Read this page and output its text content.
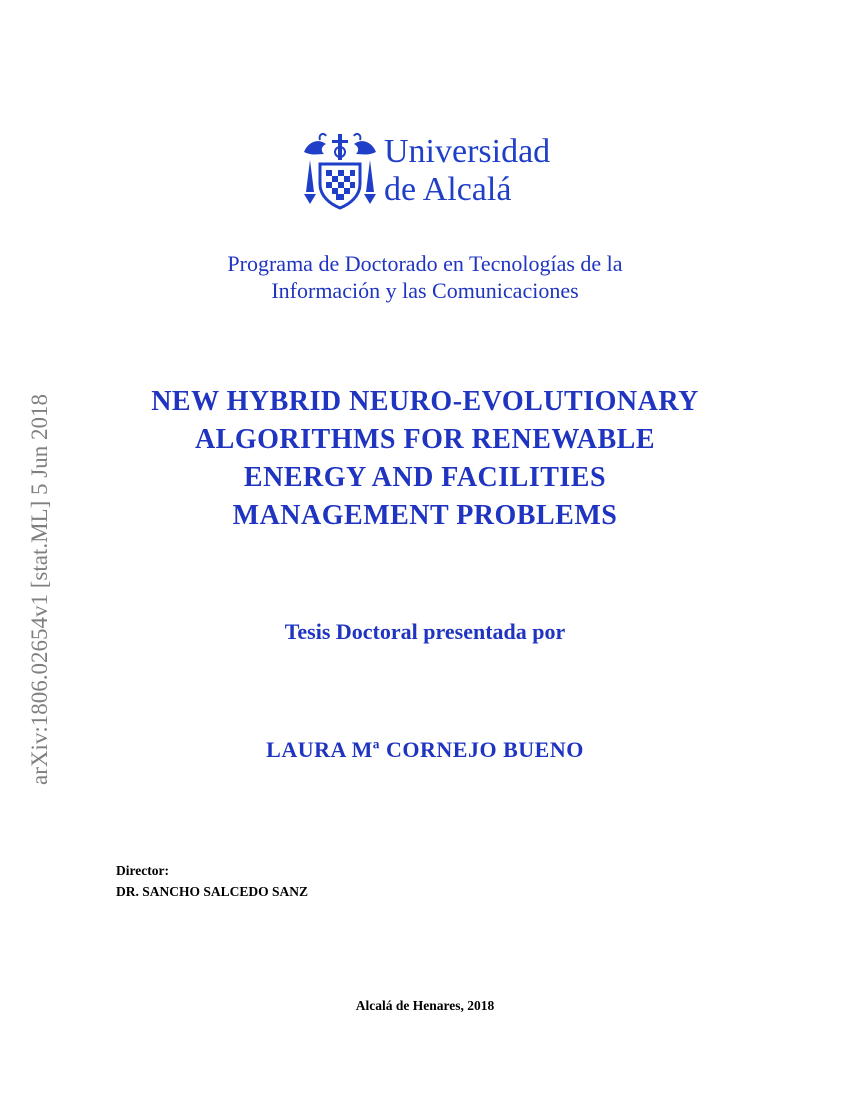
arXiv:1806.02654v1 [stat.ML] 5 Jun 2018
Universidad
de Alcalá
Programa de Doctorado en Tecnologías de la
Información y las Comunicaciones
NEW HYBRID NEURO-EVOLUTIONARY
ALGORITHMS FOR RENEWABLE
ENERGY AND FACILITIES
MANAGEMENT PROBLEMS
Tesis Doctoral presentada por
LAURA Mª CORNEJO BUENO
Director:
DR. SANCHO SALCEDO SANZ
Alcalá de Henares, 2018
